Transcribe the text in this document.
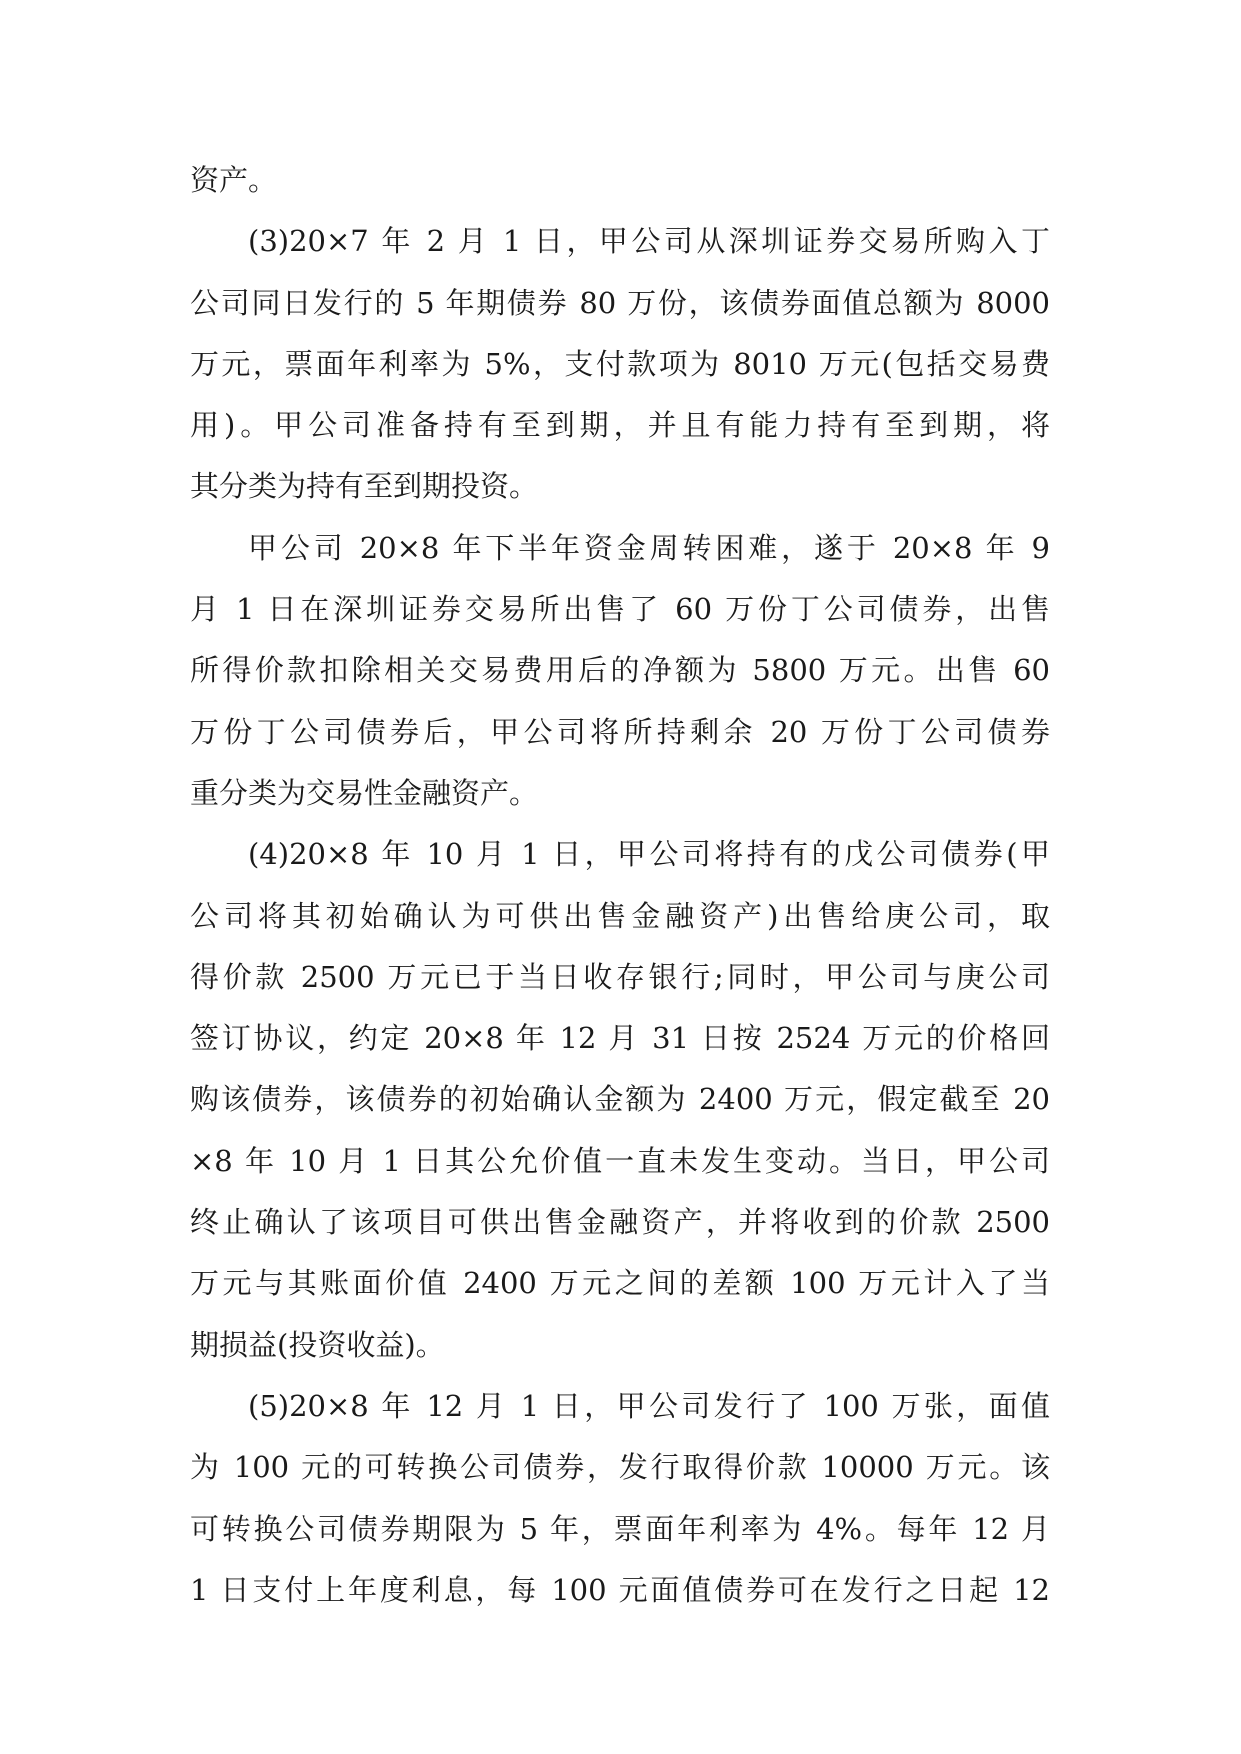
资产。
(3)20×7 年 2 月 1 日，甲公司从深圳证券交易所购入丁
公司同日发行的 5 年期债券 80 万份，该债券面值总额为 8000
万元，票面年利率为 5%，支付款项为 8010 万元(包括交易费
用)。甲公司准备持有至到期，并且有能力持有至到期，将
其分类为持有至到期投资。
甲公司 20×8 年下半年资金周转困难，遂于 20×8 年 9
月 1 日在深圳证券交易所出售了 60 万份丁公司债券，出售
所得价款扣除相关交易费用后的净额为 5800 万元。出售 60
万份丁公司债券后，甲公司将所持剩余 20 万份丁公司债券
重分类为交易性金融资产。
(4)20×8 年 10 月 1 日，甲公司将持有的戊公司债券(甲
公司将其初始确认为可供出售金融资产)出售给庚公司，取
得价款 2500 万元已于当日收存银行;同时，甲公司与庚公司
签订协议，约定 20×8 年 12 月 31 日按 2524 万元的价格回
购该债券，该债券的初始确认金额为 2400 万元，假定截至 20
×8 年 10 月 1 日其公允价值一直未发生变动。当日，甲公司
终止确认了该项目可供出售金融资产，并将收到的价款 2500
万元与其账面价值 2400 万元之间的差额 100 万元计入了当
期损益(投资收益)。
(5)20×8 年 12 月 1 日，甲公司发行了 100 万张，面值
为 100 元的可转换公司债券，发行取得价款 10000 万元。该
可转换公司债券期限为 5 年，票面年利率为 4%。每年 12 月
1 日支付上年度利息，每 100 元面值债券可在发行之日起 12
